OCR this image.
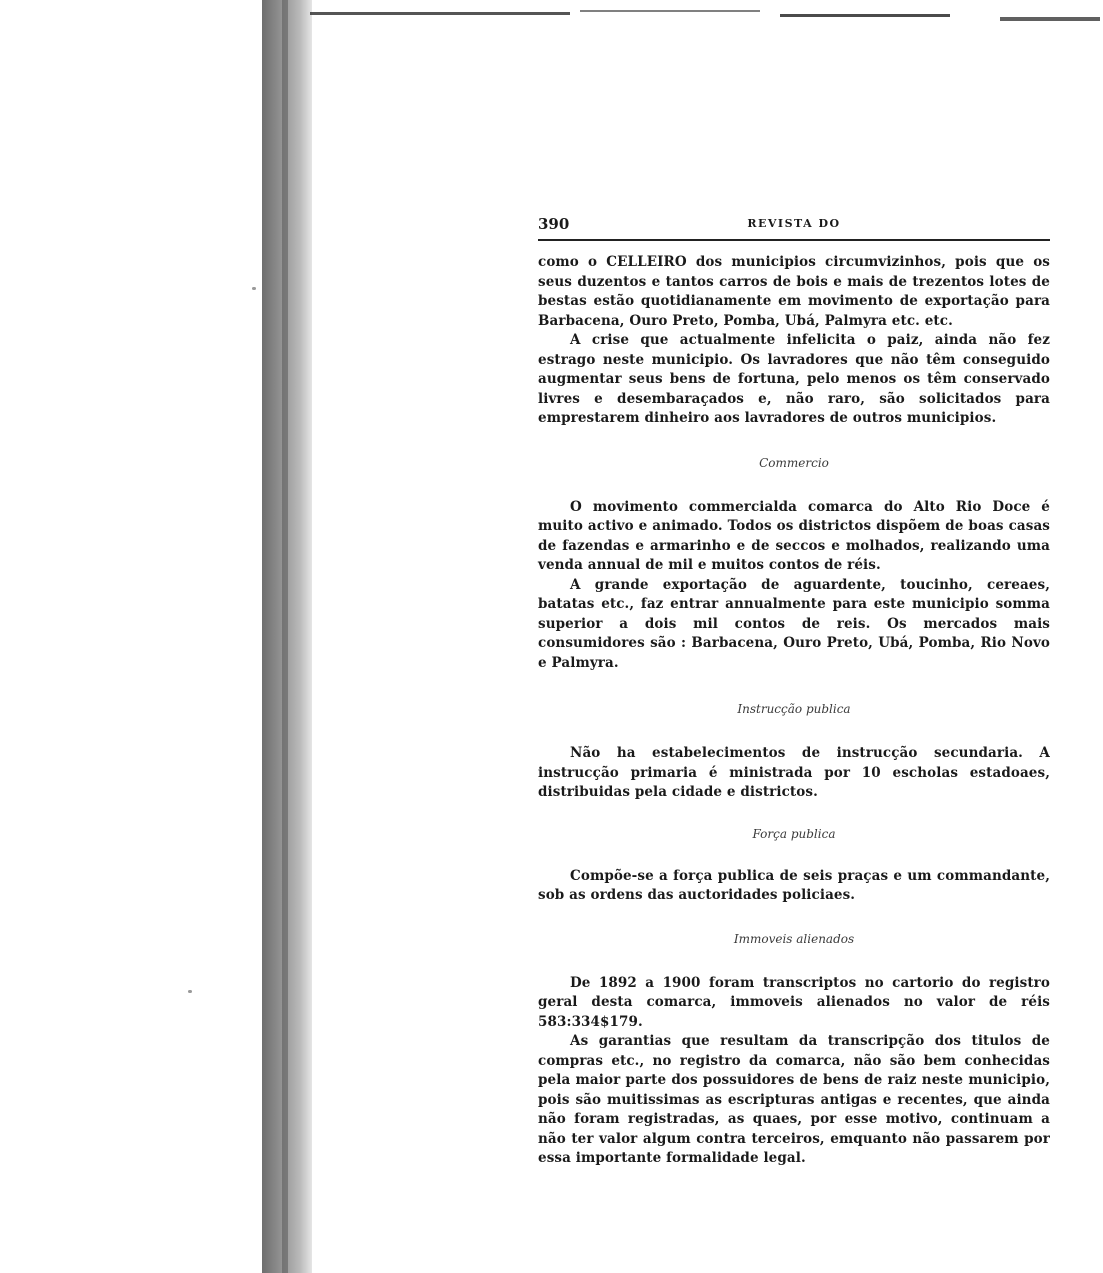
390	REVISTA DO

como o CELLEIRO dos municipios circumvizinhos, pois que os seus duzentos e tantos carros de bois e mais de trezentos lotes de bestas estão quotidianamente em movimento de exportação para Barbacena, Ouro Preto, Pomba, Ubá, Palmyra etc. etc.

A crise que actualmente infelicita o paiz, ainda não fez estrago neste municipio. Os lavradores que não têm conseguido augmentar seus bens de fortuna, pelo menos os têm conservado livres e desembaraçados e, não raro, são solicitados para emprestarem dinheiro aos lavradores de outros municipios.

Commercio

O movimento commercialda comarca do Alto Rio Doce é muito activo e animado. Todos os districtos dispõem de boas casas de fazendas e armarinho e de seccos e molhados, realizando uma venda annual de mil e muitos contos de réis.

A grande exportação de aguardente, toucinho, cereaes, batatas etc., faz entrar annualmente para este municipio somma superior a dois mil contos de reis. Os mercados mais consumidores são : Barbacena, Ouro Preto, Ubá, Pomba, Rio Novo e Palmyra.

Instrucção publica

Não ha estabelecimentos de instrucção secundaria. A instrucção primaria é ministrada por 10 escholas estadoaes, distribuidas pela cidade e districtos.

Força publica

Compõe-se a força publica de seis praças e um commandante, sob as ordens das auctoridades policiaes.

Immoveis alienados

De 1892 a 1900 foram transcriptos no cartorio do registro geral desta comarca, immoveis alienados no valor de réis 583:334$179.

As garantias que resultam da transcripção dos titulos de compras etc., no registro da comarca, não são bem conhecidas pela maior parte dos possuidores de bens de raiz neste municipio, pois são muitissimas as escripturas antigas e recentes, que ainda não foram registradas, as quaes, por esse motivo, continuam a não ter valor algum contra terceiros, emquanto não passarem por essa importante formalidade legal.
